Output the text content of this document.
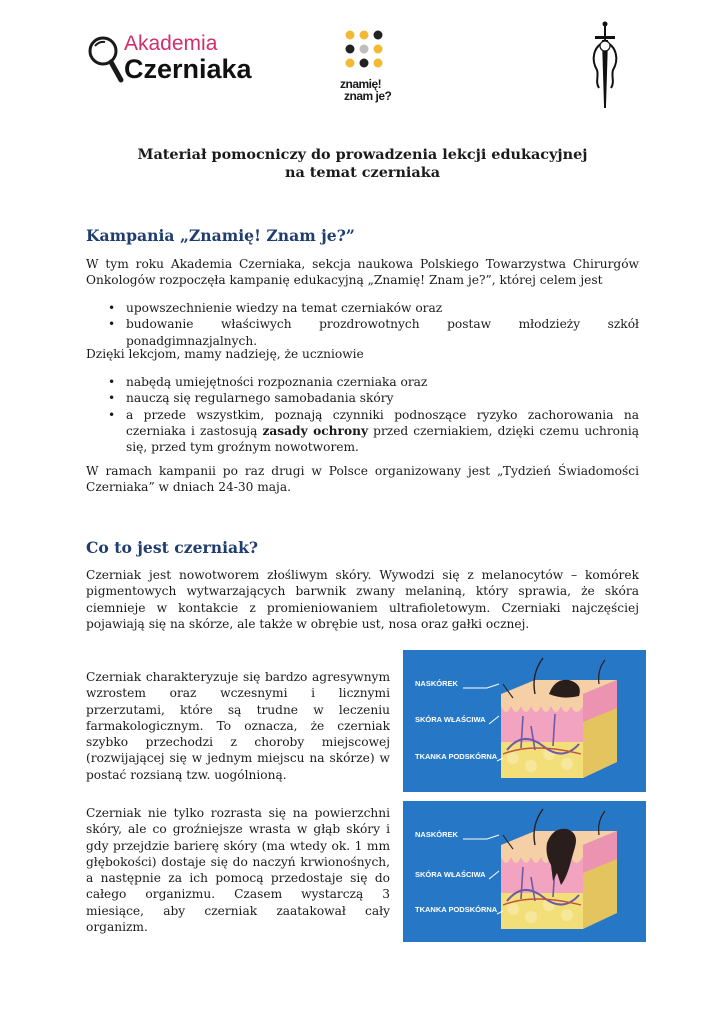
Akademia
Czerniaka	znamię!
znam je?
Materiał pomocniczy do prowadzenia lekcji edukacyjnej
na temat czerniaka
Kampania „Znamię! Znam je?”

W tym roku Akademia Czerniaka, sekcja naukowa Polskiego Towarzystwa Chirurgów Onkologów rozpoczęła kampanię edukacyjną „Znamię! Znam je?”, której celem jest

• upowszechnienie wiedzy na temat czerniaków oraz
• budowanie właściwych prozdrowotnych postaw młodzieży szkół ponadgimnazjalnych.

Dzięki lekcjom, mamy nadzieję, że uczniowie

• nabędą umiejętności rozpoznania czerniaka oraz
• nauczą się regularnego samobadania skóry
• a przede wszystkim, poznają czynniki podnoszące ryzyko zachorowania na czerniaka i zastosują zasady ochrony przed czerniakiem, dzięki czemu uchronią się, przed tym groźnym nowotworem.

W ramach kampanii po raz drugi w Polsce organizowany jest „Tydzień Świadomości Czerniaka” w dniach 24-30 maja.

Co to jest czerniak?

Czerniak jest nowotworem złośliwym skóry. Wywodzi się z melanocytów – komórek pigmentowych wytwarzających barwnik zwany melaniną, który sprawia, że skóra ciemnieje w kontakcie z promieniowaniem ultrafioletowym. Czerniaki najczęściej pojawiają się na skórze, ale także w obrębie ust, nosa oraz gałki ocznej.

Czerniak charakteryzuje się bardzo agresywnym wzrostem oraz wczesnymi i licznymi przerzutami, które są trudne w leczeniu farmakologicznym. To oznacza, że czerniak szybko przechodzi z choroby miejscowej (rozwijającej się w jednym miejscu na skórze) w postać rozsianą tzw. uogólnioną.

Czerniak nie tylko rozrasta się na powierzchni skóry, ale co groźniejsze wrasta w głąb skóry i gdy przejdzie barierę skóry (ma wtedy ok. 1 mm głębokości) dostaje się do naczyń krwionośnych, a następnie za ich pomocą przedostaje się do całego organizmu. Czasem wystarczą 3 miesiące, aby czerniak zaatakował cały organizm.

NASKÓREK
SKÓRA WŁAŚCIWA
TKANKA PODSKÓRNA
NASKÓREK
SKÓRA WŁAŚCIWA
TKANKA PODSKÓRNA
